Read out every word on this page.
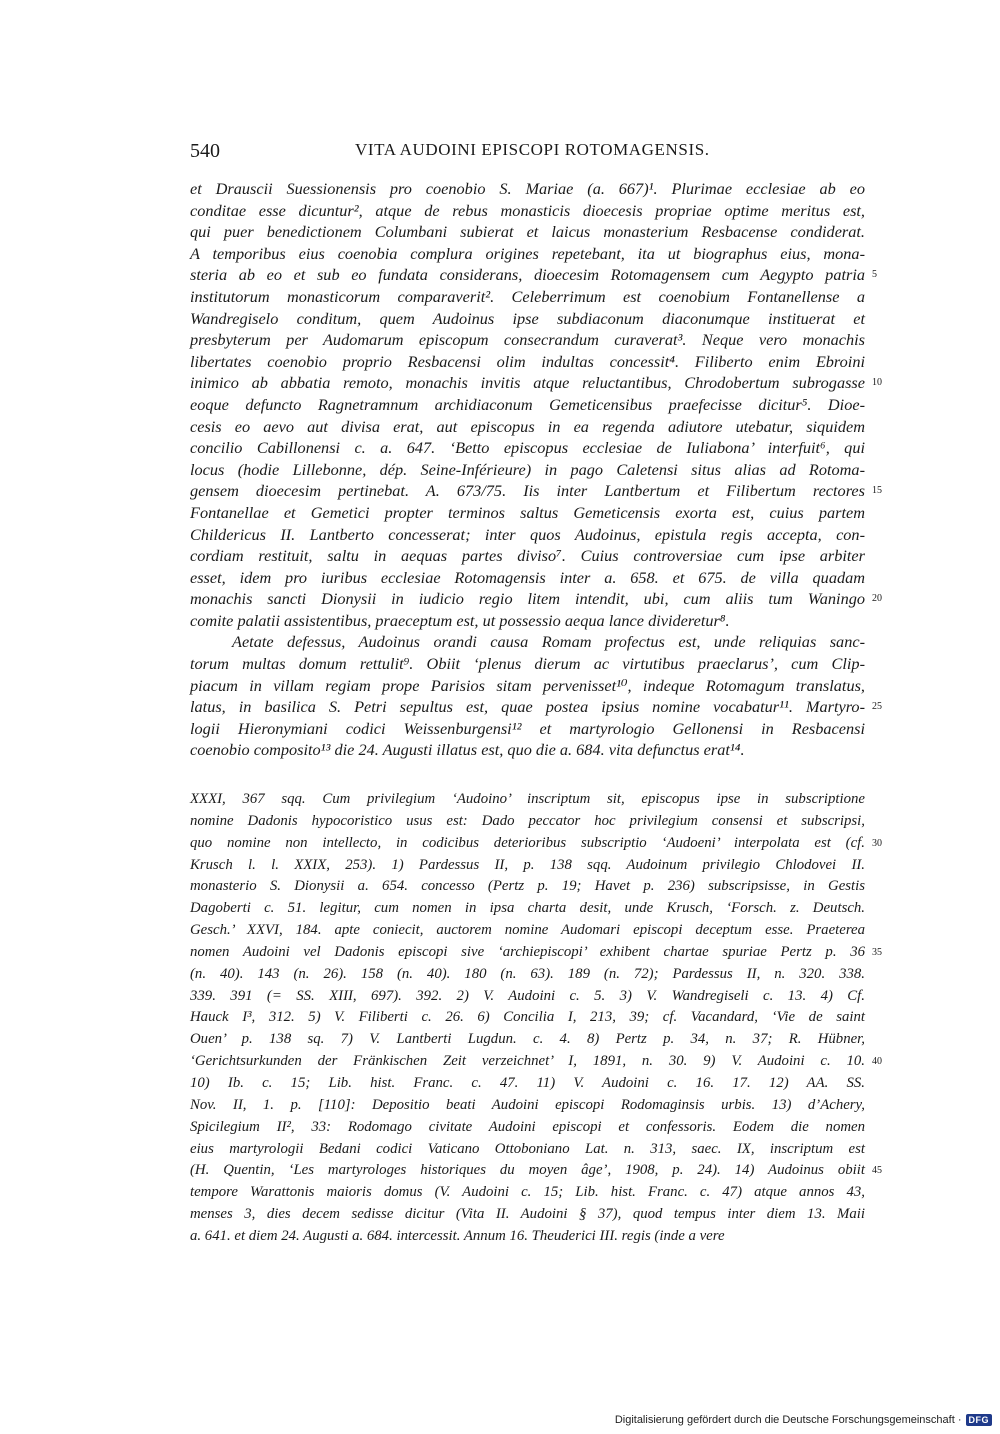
540	VITA AUDOINI EPISCOPI ROTOMAGENSIS.

et Drauscii Suessionensis pro coenobio S. Mariae (a. 667)¹. Plurimae ecclesiae ab eo

conditae esse dicuntur², atque de rebus monasticis dioecesis propriae optime meritus est,

qui puer benedictionem Columbani subierat et laicus monasterium Resbacense condiderat.

A temporibus eius coenobia complura origines repetebant, ita ut biographus eius, mona-

steria ab eo et sub eo fundata considerans, dioecesim Rotomagensem cum Aegypto patria

institutorum monasticorum comparaverit². Celeberrimum est coenobium Fontanellense a

Wandregiselo conditum, quem Audoinus ipse subdiaconum diaconumque instituerat et

presbyterum per Audomarum episcopum consecrandum curaverat³. Neque vero monachis

libertates coenobio proprio Resbacensi olim indultas concessit⁴. Filiberto enim Ebroini

inimico ab abbatia remoto, monachis invitis atque reluctantibus, Chrodobertum subrogasse

eoque defuncto Ragnetramnum archidiaconum Gemeticensibus praefecisse dicitur⁵. Dioe-

cesis eo aevo aut divisa erat, aut episcopus in ea regenda adiutore utebatur, siquidem

concilio Cabillonensi c. a. 647. ‘Betto episcopus ecclesiae de Iuliabona’ interfuit⁶, qui

locus (hodie Lillebonne, dép. Seine-Inférieure) in pago Caletensi situs alias ad Rotoma-

gensem dioecesim pertinebat. A. 673/75. Iis inter Lantbertum et Filibertum rectores

Fontanellae et Gemetici propter terminos saltus Gemeticensis exorta est, cuius partem

Childericus II. Lantberto concesserat; inter quos Audoinus, epistula regis accepta, con-

cordiam restituit, saltu in aequas partes diviso⁷. Cuius controversiae cum ipse arbiter

esset, idem pro iuribus ecclesiae Rotomagensis inter a. 658. et 675. de villa quadam

monachis sancti Dionysii in iudicio regio litem intendit, ubi, cum aliis tum Waningo

comite palatii assistentibus, praeceptum est, ut possessio aequa lance divideretur⁸.

Aetate defessus, Audoinus orandi causa Romam profectus est, unde reliquias sanc-

torum multas domum rettulit⁹. Obiit ‘plenus dierum ac virtutibus praeclarus’, cum Clip-

piacum in villam regiam prope Parisios sitam pervenisset¹⁰, indeque Rotomagum translatus,

latus, in basilica S. Petri sepultus est, quae postea ipsius nomine vocabatur¹¹. Martyro-

logii Hieronymiani codici Weissenburgensi¹² et martyrologio Gellonensi in Resbacensi

coenobio composito¹³ die 24. Augusti illatus est, quo die a. 684. vita defunctus erat¹⁴.

5
10
15
20
25

XXXI, 367 sqq. Cum privilegium ‘Audoino’ inscriptum sit, episcopus ipse in subscriptione

nomine Dadonis hypocoristico usus est: Dado peccator hoc privilegium consensi et subscripsi,

quo nomine non intellecto, in codicibus deterioribus subscriptio ‘Audoeni’ interpolata est (cf.

Krusch l. l. XXIX, 253). 1) Pardessus II, p. 138 sqq. Audoinum privilegio Chlodovei II.

monasterio S. Dionysii a. 654. concesso (Pertz p. 19; Havet p. 236) subscripsisse, in Gestis

Dagoberti c. 51. legitur, cum nomen in ipsa charta desit, unde Krusch, ‘Forsch. z. Deutsch.

Gesch.’ XXVI, 184. apte coniecit, auctorem nomine Audomari episcopi deceptum esse. Praeterea

nomen Audoini vel Dadonis episcopi sive ‘archiepiscopi’ exhibent chartae spuriae Pertz p. 36

(n. 40). 143 (n. 26). 158 (n. 40). 180 (n. 63). 189 (n. 72); Pardessus II, n. 320. 338.

339. 391 (= SS. XIII, 697). 392. 2) V. Audoini c. 5. 3) V. Wandregiseli c. 13. 4) Cf.

Hauck I³, 312. 5) V. Filiberti c. 26. 6) Concilia I, 213, 39; cf. Vacandard, ‘Vie de saint

Ouen’ p. 138 sq. 7) V. Lantberti Lugdun. c. 4. 8) Pertz p. 34, n. 37; R. Hübner,

‘Gerichtsurkunden der Fränkischen Zeit verzeichnet’ I, 1891, n. 30. 9) V. Audoini c. 10.

10) Ib. c. 15; Lib. hist. Franc. c. 47. 11) V. Audoini c. 16. 17. 12) AA. SS.

Nov. II, 1. p. [110]: Depositio beati Audoini episcopi Rodomaginsis urbis. 13) d’Achery,

Spicilegium II², 33: Rodomago civitate Audoini episcopi et confessoris. Eodem die nomen

eius martyrologii Bedani codici Vaticano Ottoboniano Lat. n. 313, saec. IX, inscriptum est

(H. Quentin, ‘Les martyrologes historiques du moyen âge’, 1908, p. 24). 14) Audoinus obiit

tempore Warattonis maioris domus (V. Audoini c. 15; Lib. hist. Franc. c. 47) atque annos 43,

menses 3, dies decem sedisse dicitur (Vita II. Audoini § 37), quod tempus inter diem 13. Maii

a. 641. et diem 24. Augusti a. 684. intercessit. Annum 16. Theuderici III. regis (inde a vere

30
35
40
45
Digitalisierung gefördert durch die Deutsche Forschungsgemeinschaft · DFG
